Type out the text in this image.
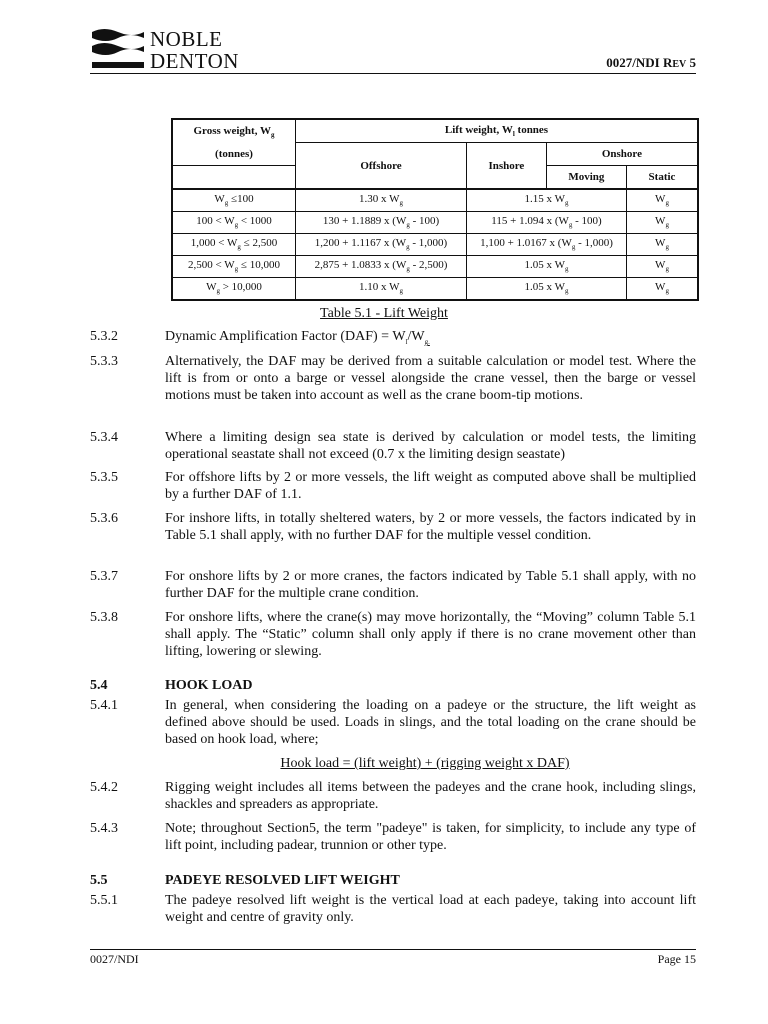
NOBLE
DENTON	0027/NDI REV 5
Gross weight, $W_g$
(tonnes)	Lift weight, $W_l$ tonnes			
	Offshore	Inshore	Onshore	
			Moving	Static
$W_g \le 100$	1.30 x $W_g$	1.15 x $W_g$		$W_g$
$100 < W_g < 1000$	130 + 1.1889 x $(W_g - 100)$	115 + 1.094 x $(W_g - 100)$		$W_g$
$1,000 < W_g \le 2,500$	1,200 + 1.1167 x $(W_g - 1,000)$	1,100 + 1.0167 x $(W_g - 1,000)$		$W_g$
$2,500 < W_g \le 10,000$	2,875 + 1.0833 x $(W_g - 2,500)$	1.05 x $W_g$		$W_g$
$W_g > 10,000$	1.10 x $W_g$	1.05 x $W_g$		$W_g$
Table 5.1 - Lift Weight
5.3.2	Dynamic Amplification Factor $(DAF) = W_l/W_{g.}$
5.3.3	Alternatively, the DAF may be derived from a suitable calculation or model test. Where the lift is from or onto a barge or vessel alongside the crane vessel, then the barge or vessel motions must be taken into account as well as the crane boom-tip motions.
5.3.4	Where a limiting design sea state is derived by calculation or model tests, the limiting operational seastate shall not exceed (0.7 x the limiting design seastate)
5.3.5	For offshore lifts by 2 or more vessels, the lift weight as computed above shall be multiplied by a further DAF of 1.1.
5.3.6	For inshore lifts, in totally sheltered waters, by 2 or more vessels, the factors indicated by in Table 5.1 shall apply, with no further DAF for the multiple vessel condition.
5.3.7	For onshore lifts by 2 or more cranes, the factors indicated by Table 5.1 shall apply, with no further DAF for the multiple crane condition.
5.3.8	For onshore lifts, where the crane(s) may move horizontally, the “Moving” column Table 5.1 shall apply. The “Static” column shall only apply if there is no crane movement other than lifting, lowering or slewing.
5.4	HOOK LOAD
5.4.1	In general, when considering the loading on a padeye or the structure, the lift weight as defined above should be used. Loads in slings, and the total loading on the crane should be based on hook load, where;
Hook load = (lift weight) + (rigging weight x DAF)
5.4.2	Rigging weight includes all items between the padeyes and the crane hook, including slings, shackles and spreaders as appropriate.
5.4.3	Note; throughout Section5, the term "padeye" is taken, for simplicity, to include any type of lift point, including padear, trunnion or other type.
5.5	PADEYE RESOLVED LIFT WEIGHT
5.5.1	The padeye resolved lift weight is the vertical load at each padeye, taking into account lift weight and centre of gravity only.
0027/NDI	Page 15
